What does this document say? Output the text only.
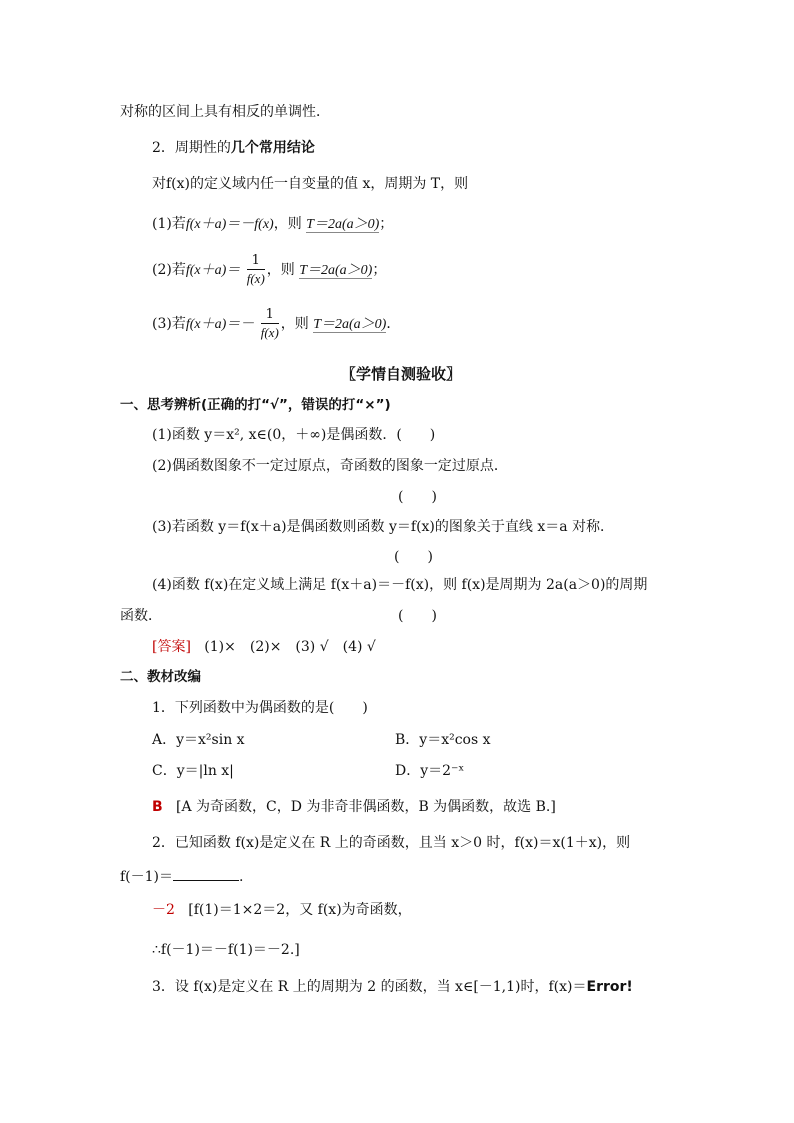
对称的区间上具有相反的单调性．
2．周期性的几个常用结论
对f(x)的定义域内任一自变量的值 x，周期为 T，则
(1)若f(x＋a)＝－f(x)，则 T＝2a(a＞0)；
(2)若$f(x+a)= \frac{1}{f(x)}$ ，则 T＝2a(a＞0)；
(3)若$f(x+a)=- \frac{1}{f(x)}$ ，则 T＝2a(a＞0)．
〖学情自测验收〗
一、思考辨析(正确的打“√”，错误的打“×”)
(1)函数 y＝x², x∈(0，＋∞)是偶函数．(　　)
(2)偶函数图象不一定过原点，奇函数的图象一定过原点．
(　　)
(3)若函数 y＝f(x＋a)是偶函数则函数 y＝f(x)的图象关于直线 x＝a 对称．
(　　)
(4)函数 f(x)在定义域上满足 f(x＋a)＝－f(x)，则 f(x)是周期为 2a(a＞0)的周期
函数．	(　　)
[答案] (1)×　(2)×　(3) √　(4) √
二、教材改编
1．下列函数中为偶函数的是(　　)
A．y＝x²sin x	B．y＝x²cos x
C．y＝|ln x|	D．y＝2⁻ˣ
B [A 为奇函数，C，D 为非奇非偶函数，B 为偶函数，故选 B.]
2．已知函数 f(x)是定义在 R 上的奇函数，且当 x＞0 时，f(x)＝x(1＋x)，则
f(－1)＝	.
－2 [f(1)＝1×2＝2，又 f(x)为奇函数，
∴f(－1)＝－f(1)＝－2.]
3．设 f(x)是定义在 R 上的周期为 2 的函数，当 x∈[－1,1)时，f(x)＝Error!
